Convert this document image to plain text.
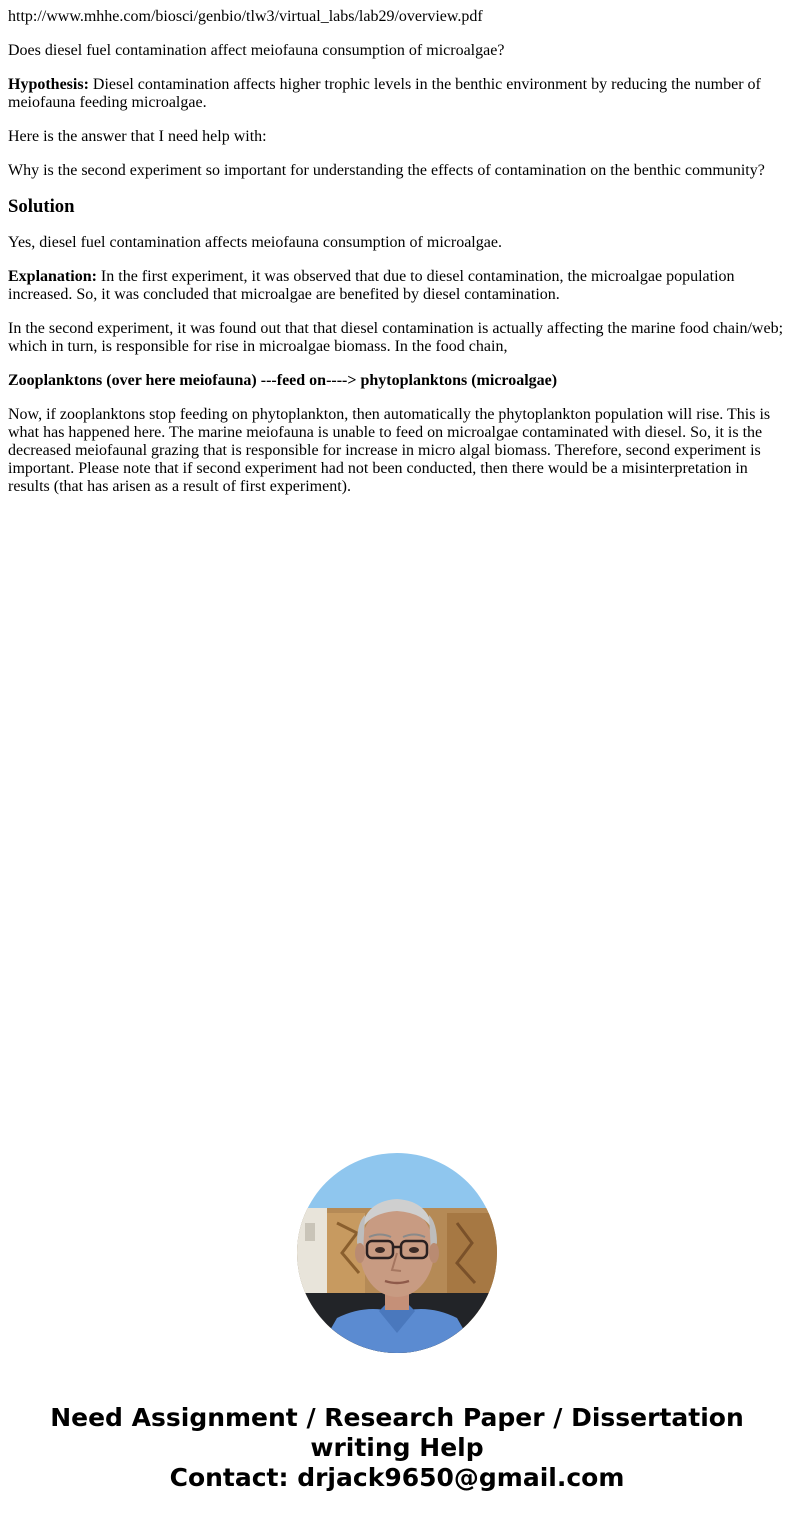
http://www.mhhe.com/biosci/genbio/tlw3/virtual_labs/lab29/overview.pdf

Does diesel fuel contamination affect meiofauna consumption of microalgae?

Hypothesis: Diesel contamination affects higher trophic levels in the benthic environment by reducing the number of meiofauna feeding microalgae.

Here is the answer that I need help with:

Why is the second experiment so important for understanding the effects of contamination on the benthic community?

Solution

Yes, diesel fuel contamination affects meiofauna consumption of microalgae.

Explanation: In the first experiment, it was observed that due to diesel contamination, the microalgae population increased. So, it was concluded that microalgae are benefited by diesel contamination.

In the second experiment, it was found out that that diesel contamination is actually affecting the marine food chain/web; which in turn, is responsible for rise in microalgae biomass. In the food chain,

Zooplanktons (over here meiofauna) ---feed on----> phytoplanktons (microalgae)

Now, if zooplanktons stop feeding on phytoplankton, then automatically the phytoplankton population will rise. This is what has happened here. The marine meiofauna is unable to feed on microalgae contaminated with diesel. So, it is the decreased meiofaunal grazing that is responsible for increase in micro algal biomass. Therefore, second experiment is important. Please note that if second experiment had not been conducted, then there would be a misinterpretation in results (that has arisen as a result of first experiment).

Need Assignment / Research Paper / Dissertation
writing Help
Contact: drjack9650@gmail.com
